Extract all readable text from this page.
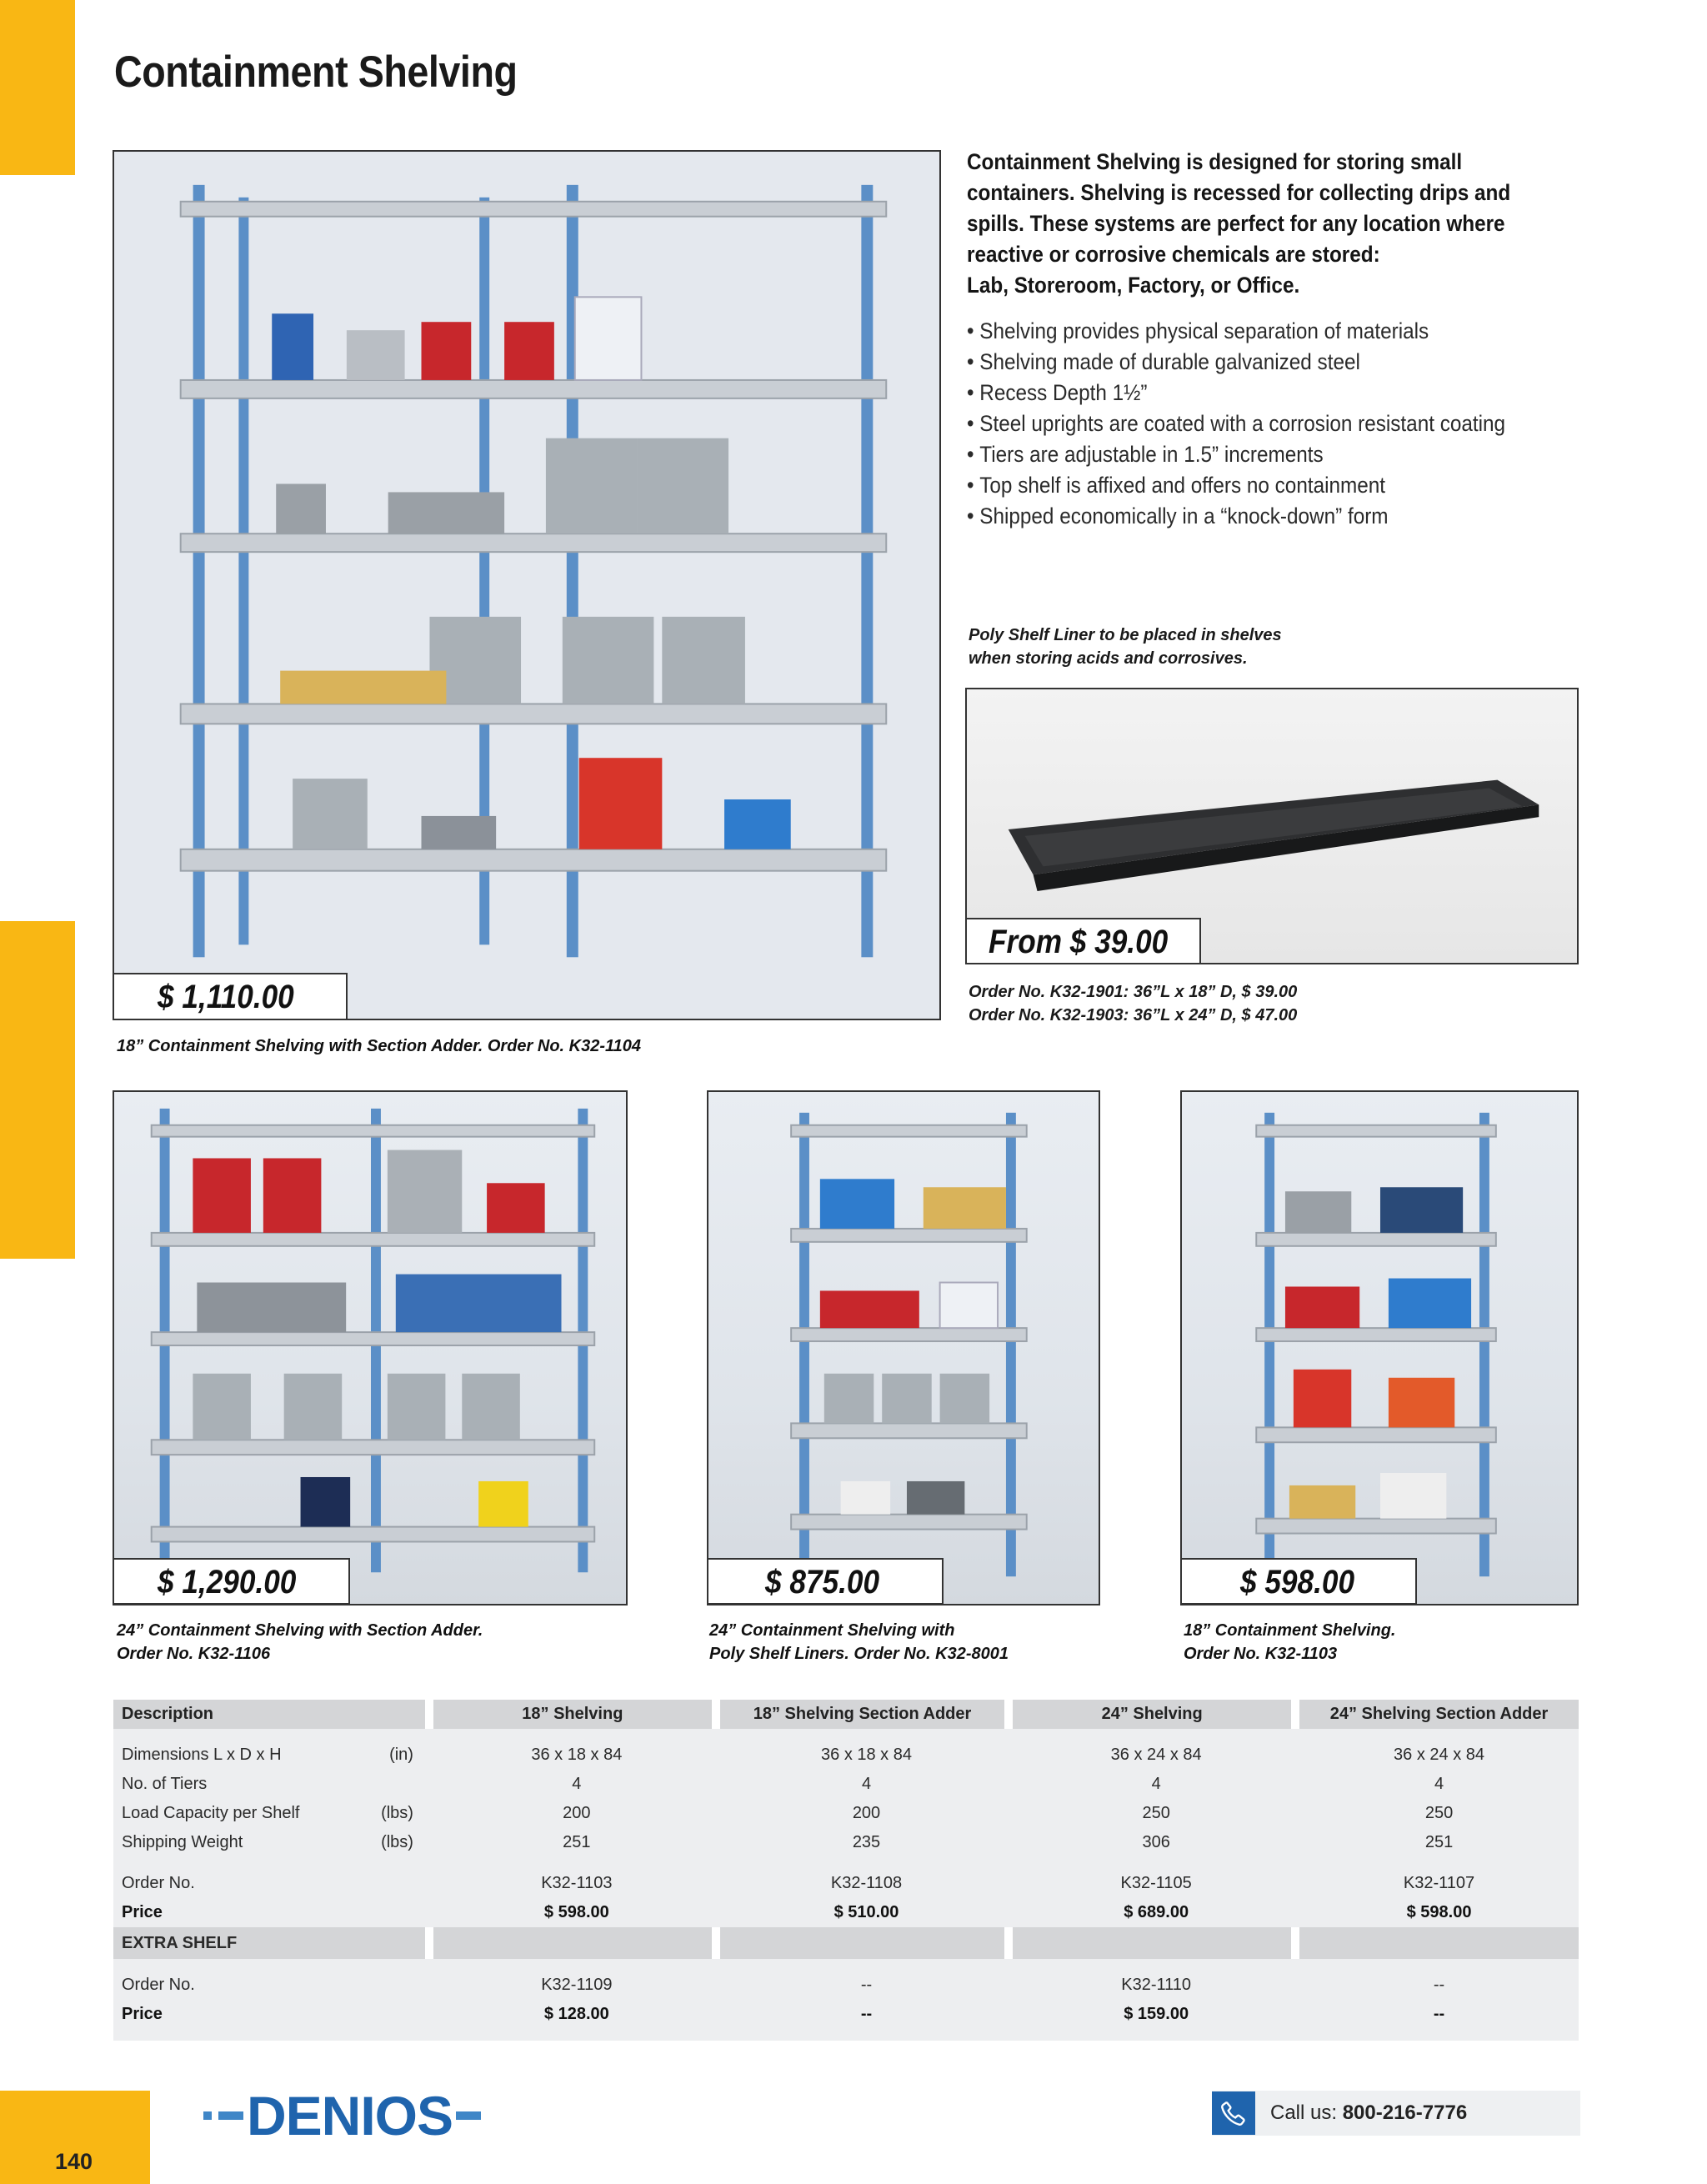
Containment Shelving
$ 1,110.00
18” Containment Shelving with Section Adder. Order No. K32-1104

Containment Shelving is designed for storing small

containers. Shelving is recessed for collecting drips and

spills. These systems are perfect for any location where

reactive or corrosive chemicals are stored:

Lab, Storeroom, Factory, or Office.

• Shelving provides physical separation of materials
• Shelving made of durable galvanized steel
• Recess Depth 1½”
• Steel uprights are coated with a corrosion resistant coating
• Tiers are adjustable in 1.5” increments
• Top shelf is affixed and offers no containment
• Shipped economically in a “knock-down” form
Poly Shelf Liner to be placed in shelves
when storing acids and corrosives.
From $ 39.00
Order No. K32-1901: 36”L x 18” D, $ 39.00
Order No. K32-1903: 36”L x 24” D, $ 47.00
$ 1,290.00
24” Containment Shelving with Section Adder.
Order No. K32-1106
$ 875.00
24” Containment Shelving with
Poly Shelf Liners. Order No. K32-8001
$ 598.00
18” Containment Shelving.
Order No. K32-1103
Description		18” Shelving	18” Shelving Section Adder	24” Shelving	24” Shelving Section Adder

Dimensions L x D x H	(in)	36 x 18 x 84	36 x 18 x 84	36 x 24 x 84	36 x 24 x 84
No. of Tiers		4	4	4	4
Load Capacity per Shelf	(lbs)	200	200	250	250
Shipping Weight	(lbs)	251	235	306	251

Order No.		K32-1103	K32-1108	K32-1105	K32-1107
Price		$ 598.00	$ 510.00	$ 689.00	$ 598.00
EXTRA SHELF					

Order No.		K32-1109	--	K32-1110	--
Price		$ 128.00	--	$ 159.00	--

140
DENIOS	Call us: 800-216-7776
